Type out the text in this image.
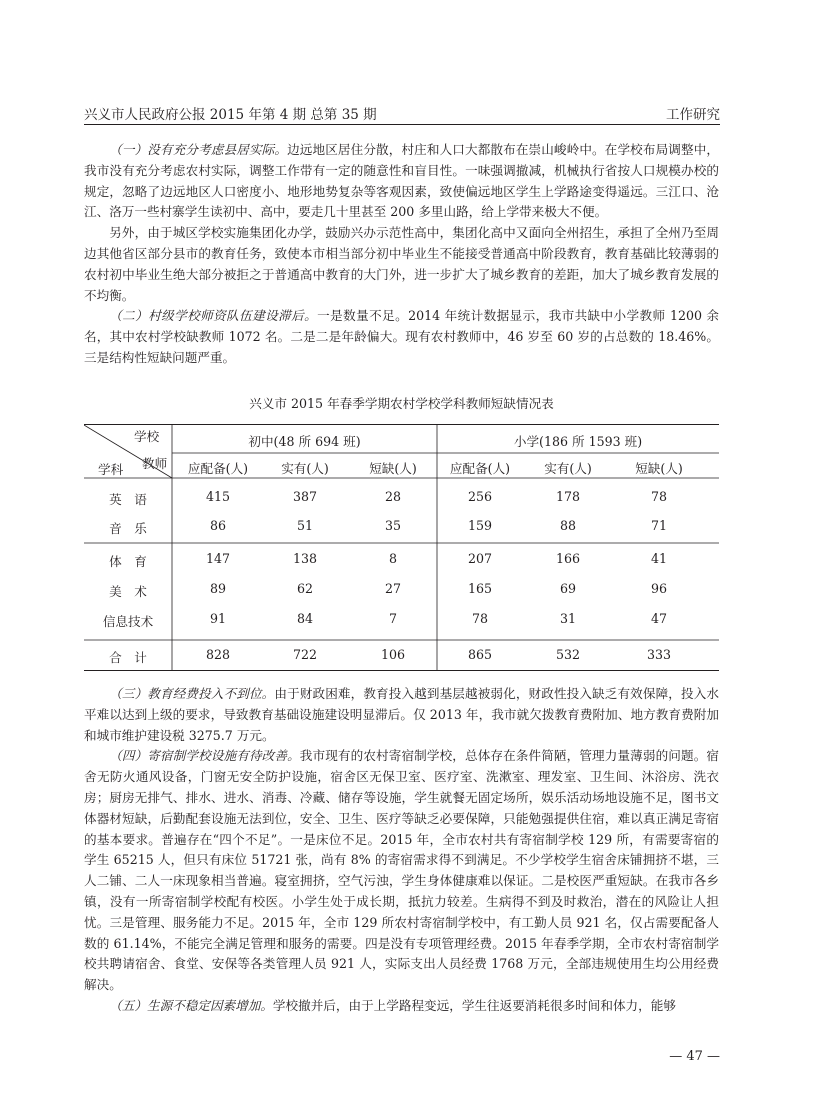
兴义市人民政府公报 2015 年第 4 期 总第 35 期	工作研究

（一）没有充分考虑县居实际。边远地区居住分散，村庄和人口大都散布在崇山峻岭中。在学校布局调整中，我市没有充分考虑农村实际，调整工作带有一定的随意性和盲目性。一味强调撤减，机械执行省按人口规模办校的规定，忽略了边远地区人口密度小、地形地势复杂等客观因素，致使偏远地区学生上学路途变得遥远。三江口、沧江、洛万一些村寨学生读初中、高中，要走几十里甚至 200 多里山路，给上学带来极大不便。

另外，由于城区学校实施集团化办学，鼓励兴办示范性高中，集团化高中又面向全州招生，承担了全州乃至周边其他省区部分县市的教育任务，致使本市相当部分初中毕业生不能接受普通高中阶段教育，教育基础比较薄弱的农村初中毕业生绝大部分被拒之于普通高中教育的大门外，进一步扩大了城乡教育的差距，加大了城乡教育发展的不均衡。

（二）村级学校师资队伍建设滞后。一是数量不足。2014 年统计数据显示，我市共缺中小学教师 1200 余名，其中农村学校缺教师 1072 名。二是二是年龄偏大。现有农村教师中，46 岁至 60 岁的占总数的 18.46%。三是结构性短缺问题严重。

兴义市 2015 年春季学期农村学校学科教师短缺情况表
学校
教师
学科
初中(48 所 694 班)	小学(186 所 1593 班)
应配备(人)	实有(人)	短缺(人)	应配备(人)	实有(人)	短缺(人)
英　语	415	387	28	256	178	78
音　乐	86	51	35	159	88	71
体　育	147	138	8	207	166	41
美　术	89	62	27	165	69	96
信息技术	91	84	7	78	31	47
合　计	828	722	106	865	532	333

（三）教育经费投入不到位。由于财政困难，教育投入越到基层越被弱化，财政性投入缺乏有效保障，投入水平难以达到上级的要求，导致教育基础设施建设明显滞后。仅 2013 年，我市就欠拨教育费附加、地方教育费附加和城市维护建设税 3275.7 万元。

（四）寄宿制学校设施有待改善。我市现有的农村寄宿制学校，总体存在条件简陋，管理力量薄弱的问题。宿舍无防火通风设备，门窗无安全防护设施，宿舍区无保卫室、医疗室、洗漱室、理发室、卫生间、沐浴房、洗衣房；厨房无排气、排水、进水、消毒、冷藏、储存等设施，学生就餐无固定场所，娱乐活动场地设施不足，图书文体器材短缺，后勤配套设施无法到位，安全、卫生、医疗等缺乏必要保障，只能勉强提供住宿，难以真正满足寄宿的基本要求。普遍存在“四个不足”。一是床位不足。2015 年，全市农村共有寄宿制学校 129 所，有需要寄宿的学生 65215 人，但只有床位 51721 张，尚有 8% 的寄宿需求得不到满足。不少学校学生宿舍床铺拥挤不堪，三人二铺、二人一床现象相当普遍。寝室拥挤，空气污浊，学生身体健康难以保证。二是校医严重短缺。在我市各乡镇，没有一所寄宿制学校配有校医。小学生处于成长期，抵抗力较差。生病得不到及时救治，潜在的风险让人担忧。三是管理、服务能力不足。2015 年，全市 129 所农村寄宿制学校中，有工勤人员 921 名，仅占需要配备人数的 61.14%，不能完全满足管理和服务的需要。四是没有专项管理经费。2015 年春季学期，全市农村寄宿制学校共聘请宿舍、食堂、安保等各类管理人员 921 人，实际支出人员经费 1768 万元，全部违规使用生均公用经费解决。

（五）生源不稳定因素增加。学校撤并后，由于上学路程变远，学生往返要消耗很多时间和体力，能够

— 47 —
